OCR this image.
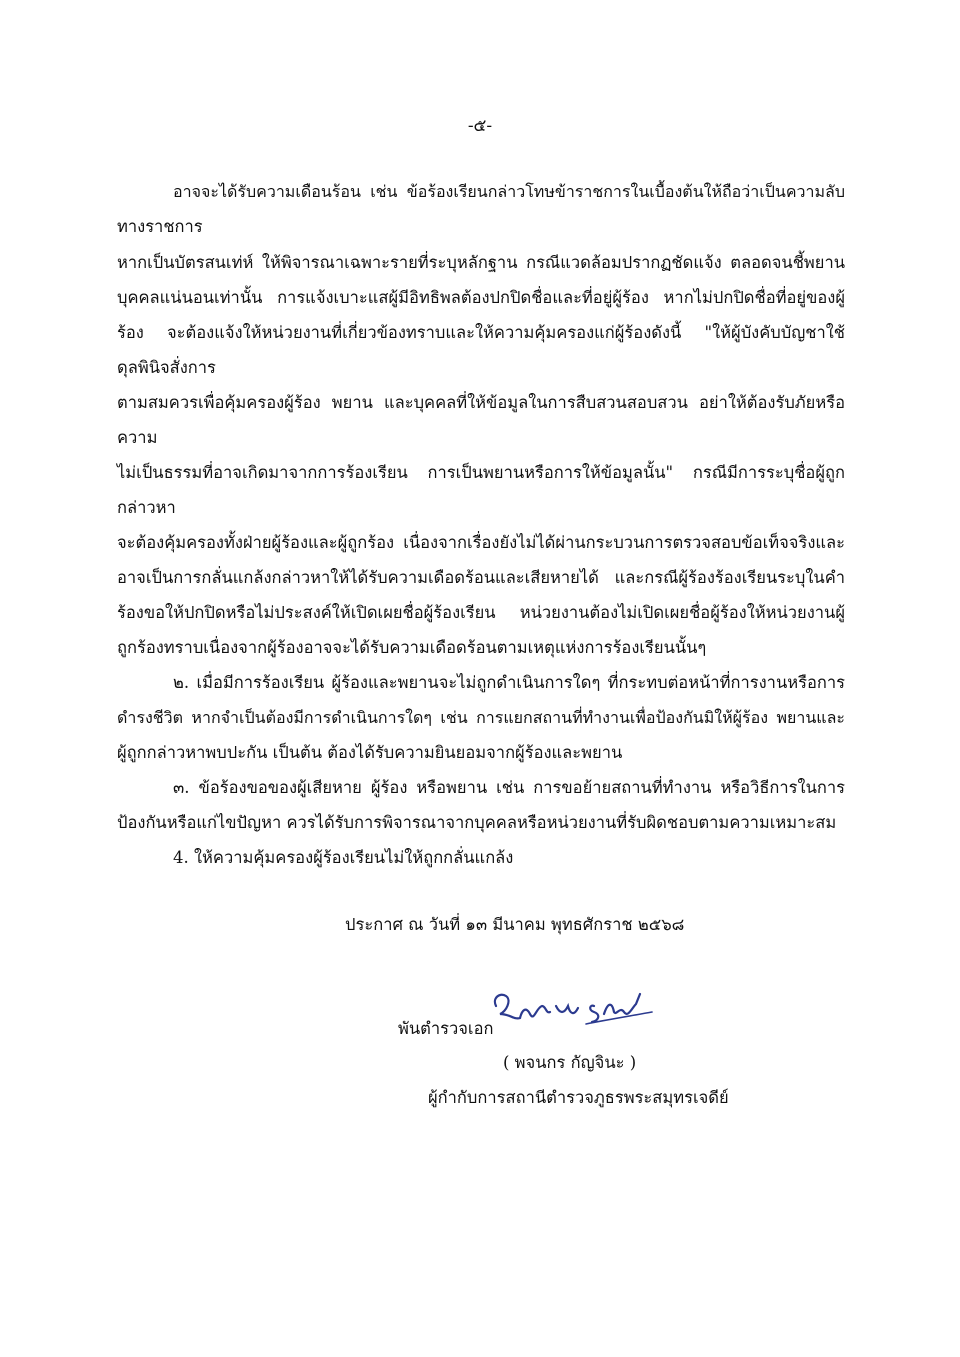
-๕-
อาจจะได้รับความเดือนร้อน เช่น ข้อร้องเรียนกล่าวโทษข้าราชการในเบื้องต้นให้ถือว่าเป็นความลับ
ทางราชการ
หากเป็นบัตรสนเท่ห์ ให้พิจารณาเฉพาะรายที่ระบุหลักฐาน กรณีแวดล้อมปรากฏชัดแจ้ง ตลอดจนชี้พยาน
บุคคลแน่นอนเท่านั้น การแจ้งเบาะแสผู้มีอิทธิพลต้องปกปิดชื่อและที่อยู่ผู้ร้อง หากไม่ปกปิดชื่อที่อยู่ของผู้
ร้อง จะต้องแจ้งให้หน่วยงานที่เกี่ยวข้องทราบและให้ความคุ้มครองแก่ผู้ร้องดังนี้ "ให้ผู้บังคับบัญชาใช้
ดุลพินิจสั่งการ
ตามสมควรเพื่อคุ้มครองผู้ร้อง พยาน และบุคคลที่ให้ข้อมูลในการสืบสวนสอบสวน อย่าให้ต้องรับภัยหรือ
ความ
ไม่เป็นธรรมที่อาจเกิดมาจากการร้องเรียน การเป็นพยานหรือการให้ข้อมูลนั้น" กรณีมีการระบุชื่อผู้ถูก
กล่าวหา
จะต้องคุ้มครองทั้งฝ่ายผู้ร้องและผู้ถูกร้อง เนื่องจากเรื่องยังไม่ได้ผ่านกระบวนการตรวจสอบข้อเท็จจริงและ
อาจเป็นการกลั่นแกล้งกล่าวหาให้ได้รับความเดือดร้อนและเสียหายได้ และกรณีผู้ร้องร้องเรียนระบุในคำ
ร้องขอให้ปกปิดหรือไม่ประสงค์ให้เปิดเผยชื่อผู้ร้องเรียน หน่วยงานต้องไม่เปิดเผยชื่อผู้ร้องให้หน่วยงานผู้
ถูกร้องทราบเนื่องจากผู้ร้องอาจจะได้รับความเดือดร้อนตามเหตุแห่งการร้องเรียนนั้นๆ
๒. เมื่อมีการร้องเรียน ผู้ร้องและพยานจะไม่ถูกดำเนินการใดๆ ที่กระทบต่อหน้าที่การงานหรือการ
ดำรงชีวิต หากจำเป็นต้องมีการดำเนินการใดๆ เช่น การแยกสถานที่ทำงานเพื่อป้องกันมิให้ผู้ร้อง พยานและ
ผู้ถูกกล่าวหาพบปะกัน เป็นต้น ต้องได้รับความยินยอมจากผู้ร้องและพยาน
๓. ข้อร้องขอของผู้เสียหาย ผู้ร้อง หรือพยาน เช่น การขอย้ายสถานที่ทำงาน หรือวิธีการในการ
ป้องกันหรือแก่ไขปัญหา ควรได้รับการพิจารณาจากบุคคลหรือหน่วยงานที่รับผิดชอบตามความเหมาะสม
4. ให้ความคุ้มครองผู้ร้องเรียนไม่ให้ถูกกลั่นแกล้ง
ประกาศ ณ วันที่ ๑๓ มีนาคม พุทธศักราช ๒๕๖๘
พันตำรวจเอก
( พจนกร กัญจินะ )
ผู้กำกับการสถานีตำรวจภูธรพระสมุทรเจดีย์
